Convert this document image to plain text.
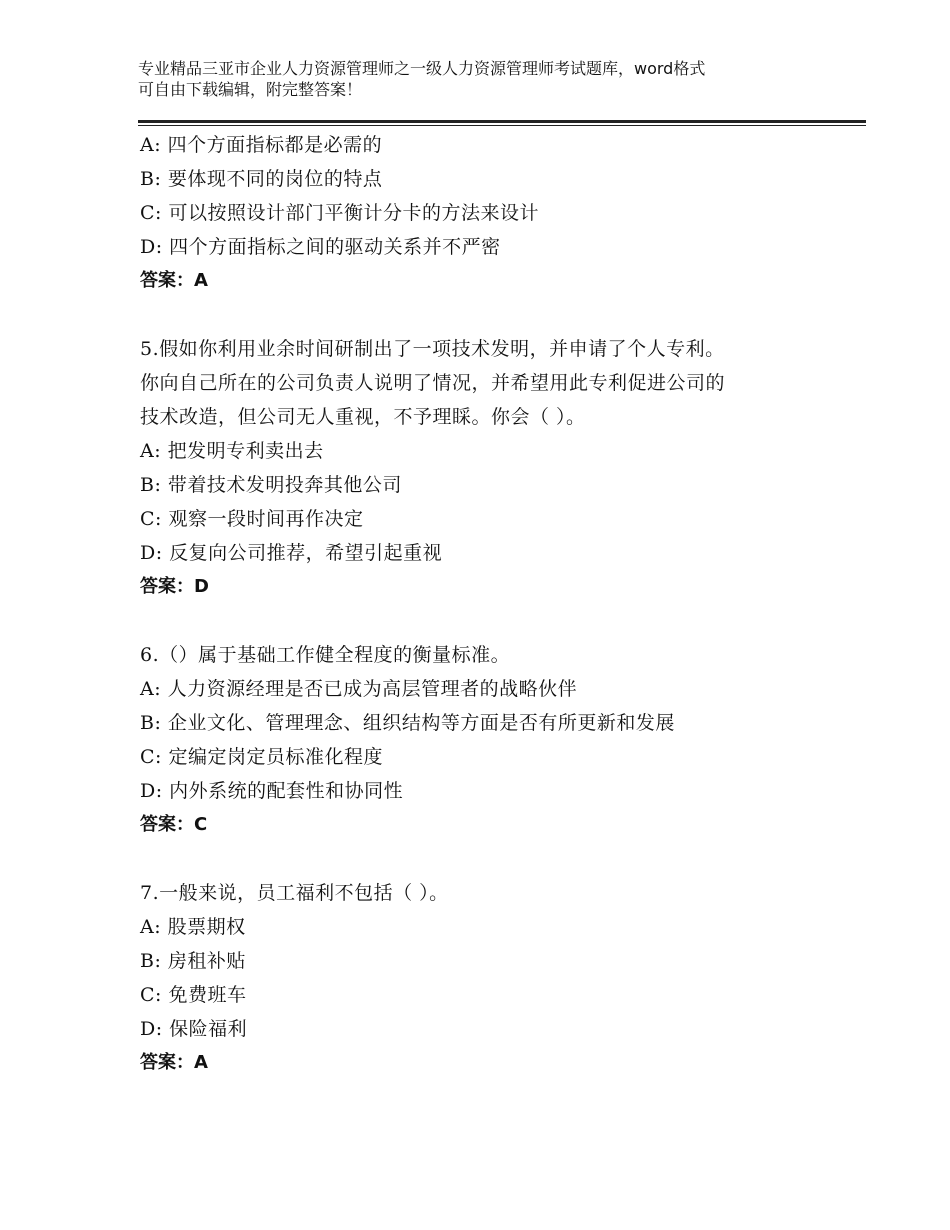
专业精品三亚市企业人力资源管理师之一级人力资源管理师考试题库，word格式
可自由下载编辑，附完整答案！
A: 四个方面指标都是必需的
B: 要体现不同的岗位的特点
C: 可以按照设计部门平衡计分卡的方法来设计
D: 四个方面指标之间的驱动关系并不严密
答案：A
5.假如你利用业余时间研制出了一项技术发明，并申请了个人专利。
你向自己所在的公司负责人说明了情况，并希望用此专利促进公司的
技术改造，但公司无人重视，不予理睬。你会（ ）。
A: 把发明专利卖出去
B: 带着技术发明投奔其他公司
C: 观察一段时间再作决定
D: 反复向公司推荐，希望引起重视
答案：D
6.（）属于基础工作健全程度的衡量标准。
A: 人力资源经理是否已成为高层管理者的战略伙伴
B: 企业文化、管理理念、组织结构等方面是否有所更新和发展
C: 定编定岗定员标准化程度
D: 内外系统的配套性和协同性
答案：C
7.一般来说，员工福利不包括（ ）。
A: 股票期权
B: 房租补贴
C: 免费班车
D: 保险福利
答案：A
